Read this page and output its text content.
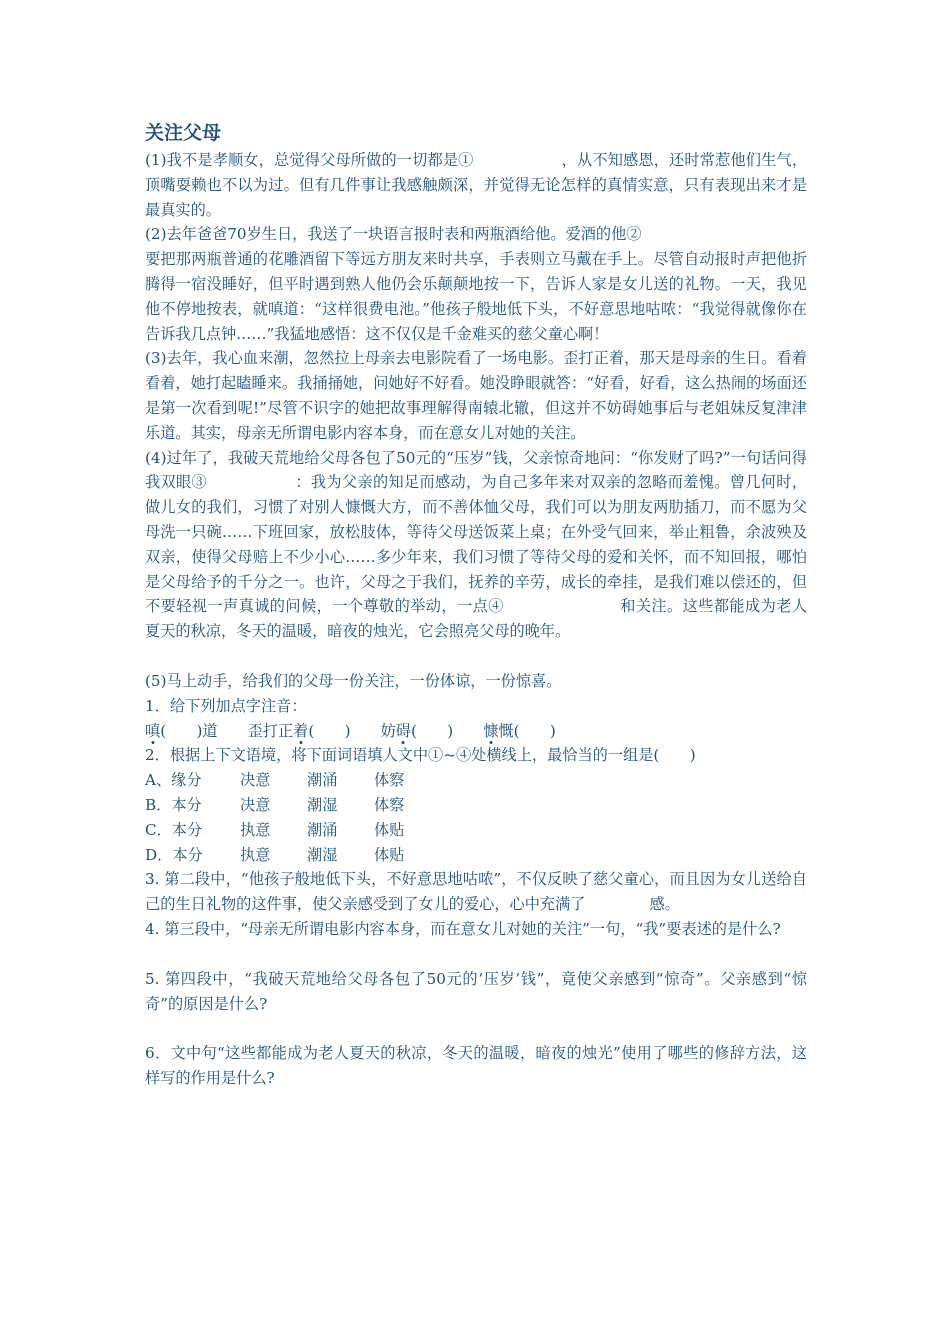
关注父母

(1)我不是孝顺女，总觉得父母所做的一切都是①	，从不知感恩，还时常惹他们生气，顶嘴耍赖也不以为过。但有几件事让我感触颇深，并觉得无论怎样的真情实意，只有表现出来才是最真实的。

(2)去年爸爸70岁生日，我送了一块语言报时表和两瓶酒给他。爱酒的他②
要把那两瓶普通的花雕酒留下等远方朋友来时共享，手表则立马戴在手上。尽管自动报时声把他折腾得一宿没睡好，但平时遇到熟人他仍会乐颠颠地按一下，告诉人家是女儿送的礼物。一天，我见他不停地按表，就嗔道：“这样很费电池。”他孩子般地低下头，不好意思地咕哝：“我觉得就像你在告诉我几点钟……”我猛地感悟：这不仅仅是千金难买的慈父童心啊！

(3)去年，我心血来潮，忽然拉上母亲去电影院看了一场电影。歪打正着，那天是母亲的生日。看着看着，她打起瞌睡来。我捅捅她，问她好不好看。她没睁眼就答：“好看，好看，这么热闹的场面还是第一次看到呢!”尽管不识字的她把故事理解得南辕北辙，但这并不妨碍她事后与老姐妹反复津津乐道。其实，母亲无所谓电影内容本身，而在意女儿对她的关注。

(4)过年了，我破天荒地给父母各包了50元的“压岁”钱，父亲惊奇地问：“你发财了吗?”一句话问得我双眼③	：我为父亲的知足而感动，为自己多年来对双亲的忽略而羞愧。曾几何时，做儿女的我们，习惯了对别人慷慨大方，而不善体恤父母，我们可以为朋友两肋插刀，而不愿为父母洗一只碗……下班回家，放松肢体，等待父母送饭菜上桌；在外受气回来，举止粗鲁，余波殃及双亲，使得父母赔上不少小心……多少年来，我们习惯了等待父母的爱和关怀，而不知回报，哪怕是父母给予的千分之一。也许，父母之于我们，抚养的辛劳，成长的牵挂，是我们难以偿还的，但不要轻视一声真诚的问候，一个尊敬的举动，一点④	和关注。这些都能成为老人夏天的秋凉，冬天的温暖，暗夜的烛光，它会照亮父母的晚年。

(5)马上动手，给我们的父母一份关注，一份体谅，一份惊喜。

1．给下列加点字注音：

嗔(　　)道 歪打正着(　　) 妨碍(　　) 慷慨(　　)

2．根据上下文语境，将下面词语填人文中①~④处横线上，最恰当的一组是(　　)

A、缘分	决意	潮涌	体察
B．本分	决意	潮湿	体察
C．本分	执意	潮涌	体贴
D．本分	执意	潮湿	体贴

3. 第二段中，“他孩子般地低下头，不好意思地咕哝”，不仅反映了慈父童心，而且因为女儿送给自己的生日礼物的这件事，使父亲感受到了女儿的爱心，心中充满了	感。

4. 第三段中，“母亲无所谓电影内容本身，而在意女儿对她的关注”一句，“我”要表述的是什么?

5. 第四段中，“我破天荒地给父母各包了50元的‘压岁’钱”，竟使父亲感到“惊奇”。父亲感到“惊奇”的原因是什么?

6．文中句“这些都能成为老人夏天的秋凉，冬天的温暖，暗夜的烛光”使用了哪些的修辞方法，这样写的作用是什么?
